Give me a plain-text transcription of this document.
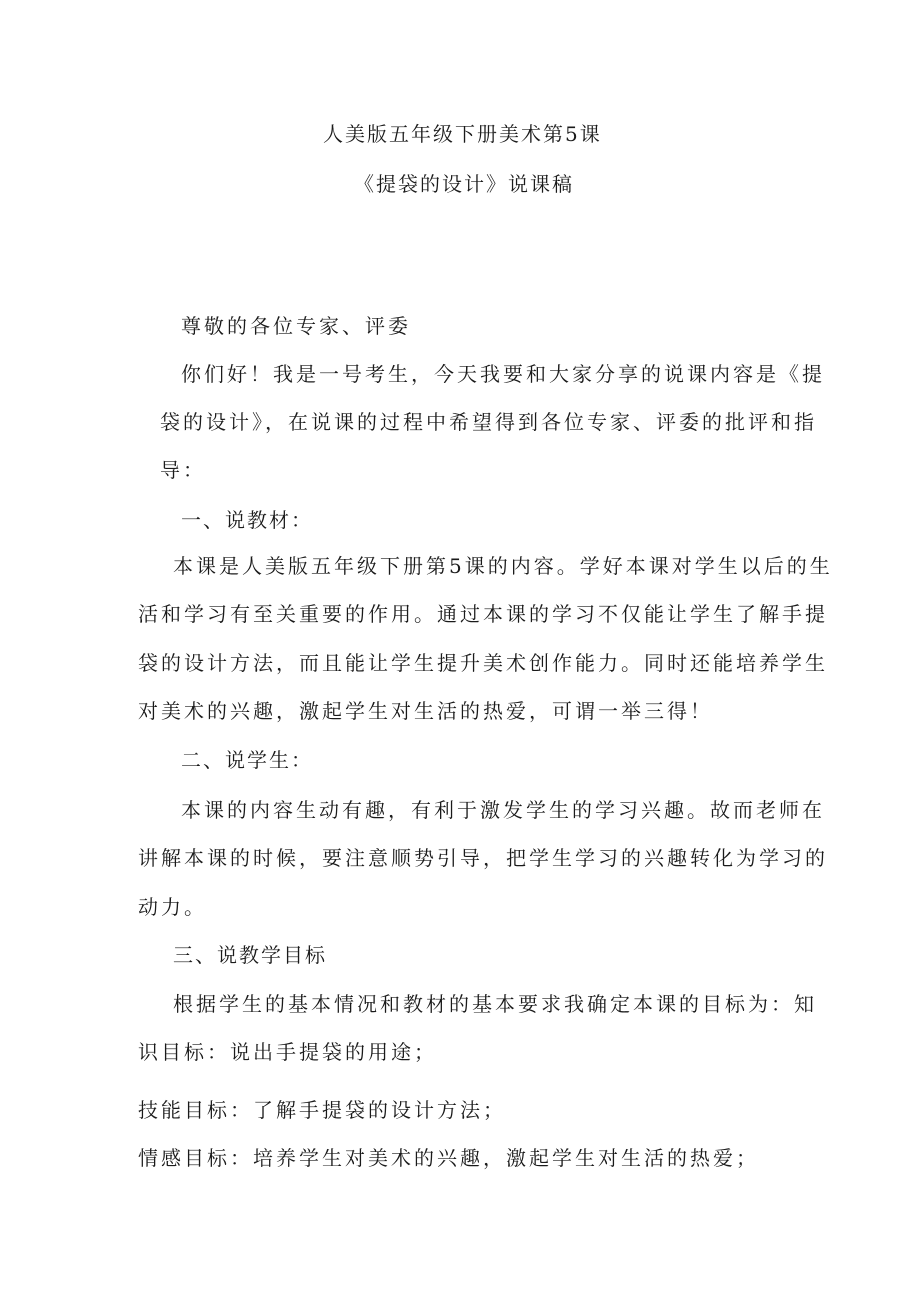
人美版五年级下册美术第5课

《提袋的设计》说课稿

尊敬的各位专家、评委

你们好！我是一号考生，今天我要和大家分享的说课内容是《提

袋的设计》，在说课的过程中希望得到各位专家、评委的批评和指

导：

一、说教材：

本课是人美版五年级下册第5课的内容。学好本课对学生以后的生

活和学习有至关重要的作用。通过本课的学习不仅能让学生了解手提

袋的设计方法，而且能让学生提升美术创作能力。同时还能培养学生

对美术的兴趣，激起学生对生活的热爱，可谓一举三得！

二、说学生：

本课的内容生动有趣，有利于激发学生的学习兴趣。故而老师在

讲解本课的时候，要注意顺势引导，把学生学习的兴趣转化为学习的

动力。

三、说教学目标

根据学生的基本情况和教材的基本要求我确定本课的目标为：知

识目标：说出手提袋的用途；

技能目标：了解手提袋的设计方法；

情感目标：培养学生对美术的兴趣，激起学生对生活的热爱；
